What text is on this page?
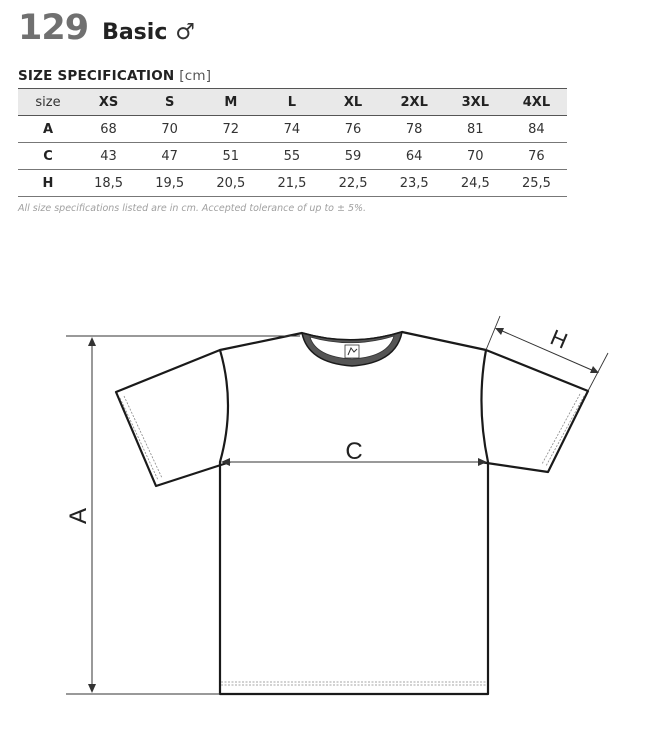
129 Basic ♂
SIZE SPECIFICATION [cm]
size	XS	S	M	L	XL	2XL	3XL	4XL
A	68	70	72	74	76	78	81	84
C	43	47	51	55	59	64	70	76
H	18,5	19,5	20,5	21,5	22,5	23,5	24,5	25,5
All size specifications listed are in cm. Accepted tolerance of up to ± 5%.
A
C
H
